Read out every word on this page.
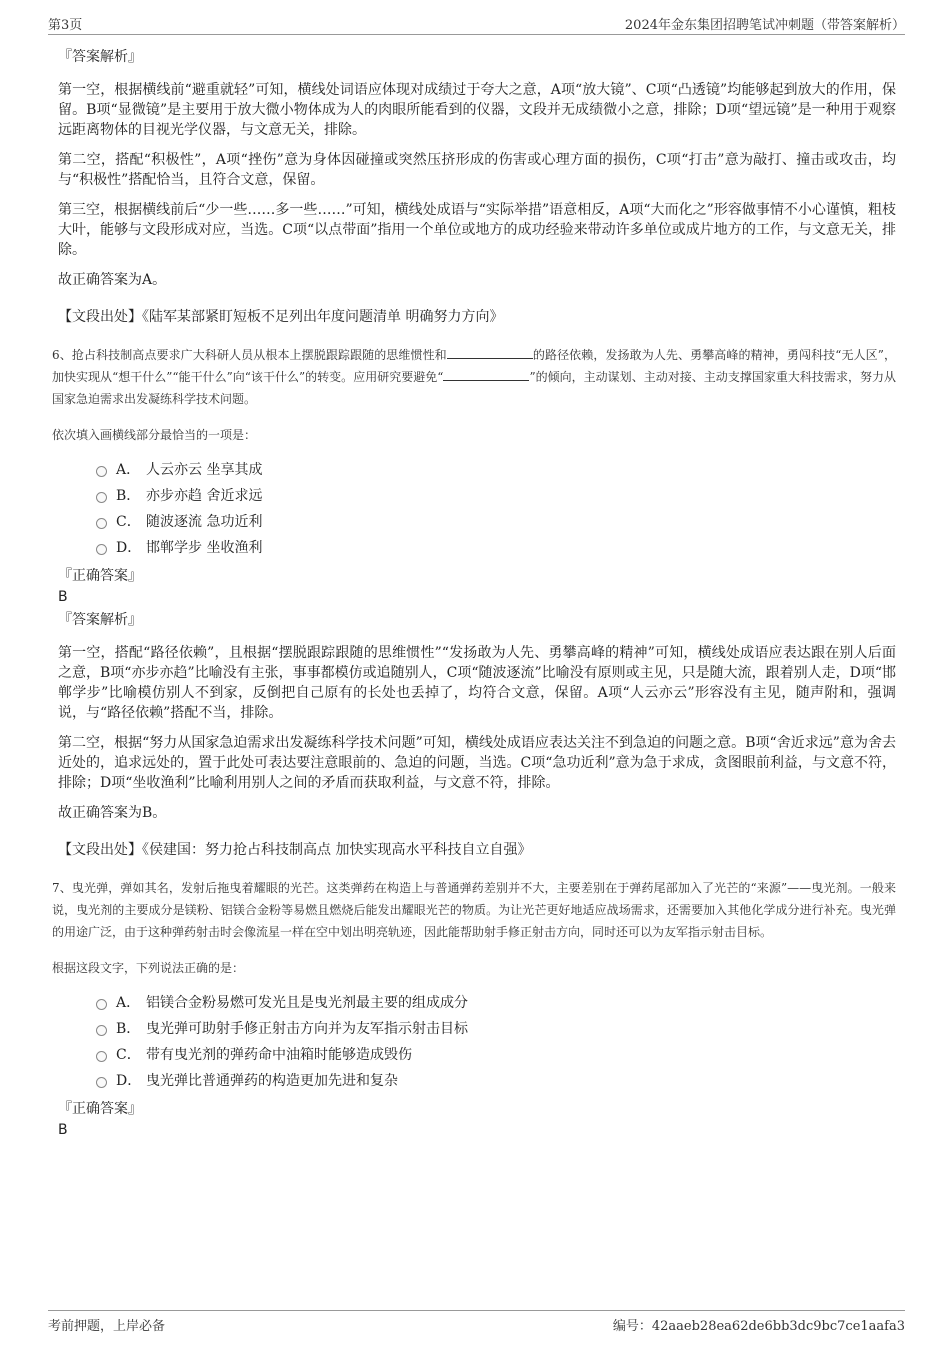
第3页	2024年金东集团招聘笔试冲刺题（带答案解析）
『答案解析』
第一空，根据横线前“避重就轻”可知，横线处词语应体现对成绩过于夸大之意，A项“放大镜”、C项“凸透镜”均能够起到放大的作用，保留。B项“显微镜”是主要用于放大微小物体成为人的肉眼所能看到的仪器，文段并无成绩微小之意，排除；D项“望远镜”是一种用于观察远距离物体的目视光学仪器，与文意无关，排除。
第二空，搭配“积极性”，A项“挫伤”意为身体因碰撞或突然压挤形成的伤害或心理方面的损伤，C项“打击”意为敲打、撞击或攻击，均与“积极性”搭配恰当，且符合文意，保留。
第三空，根据横线前后“少一些……多一些……”可知，横线处成语与“实际举措”语意相反，A项“大而化之”形容做事情不小心谨慎，粗枝大叶，能够与文段形成对应，当选。C项“以点带面”指用一个单位或地方的成功经验来带动许多单位或成片地方的工作，与文意无关，排除。
故正确答案为A。
【文段出处】《陆军某部紧盯短板不足列出年度问题清单 明确努力方向》
6、抢占科技制高点要求广大科研人员从根本上摆脱跟踪跟随的思维惯性和	的路径依赖，发扬敢为人先、勇攀高峰的精神，勇闯科技“无人区”，加快实现从“想干什么”“能干什么”向“该干什么”的转变。应用研究要避免“	”的倾向，主动谋划、主动对接、主动支撑国家重大科技需求，努力从国家急迫需求出发凝练科学技术问题。
依次填入画横线部分最恰当的一项是：
A． 人云亦云 坐享其成
B． 亦步亦趋 舍近求远
C． 随波逐流 急功近利
D． 邯郸学步 坐收渔利
『正确答案』
B
『答案解析』
第一空，搭配“路径依赖”，且根据“摆脱跟踪跟随的思维惯性”“发扬敢为人先、勇攀高峰的精神”可知，横线处成语应表达跟在别人后面之意，B项“亦步亦趋”比喻没有主张，事事都模仿或追随别人，C项“随波逐流”比喻没有原则或主见，只是随大流，跟着别人走，D项“邯郸学步”比喻模仿别人不到家，反倒把自己原有的长处也丢掉了，均符合文意，保留。A项“人云亦云”形容没有主见，随声附和，强调说，与“路径依赖”搭配不当，排除。
第二空，根据“努力从国家急迫需求出发凝练科学技术问题”可知，横线处成语应表达关注不到急迫的问题之意。B项“舍近求远”意为舍去近处的，追求远处的，置于此处可表达要注意眼前的、急迫的问题，当选。C项“急功近利”意为急于求成，贪图眼前利益，与文意不符，排除；D项“坐收渔利”比喻利用别人之间的矛盾而获取利益，与文意不符，排除。
故正确答案为B。
【文段出处】《侯建国：努力抢占科技制高点 加快实现高水平科技自立自强》
7、曳光弹，弹如其名，发射后拖曳着耀眼的光芒。这类弹药在构造上与普通弹药差别并不大，主要差别在于弹药尾部加入了光芒的“来源”——曳光剂。一般来说，曳光剂的主要成分是镁粉、铝镁合金粉等易燃且燃烧后能发出耀眼光芒的物质。为让光芒更好地适应战场需求，还需要加入其他化学成分进行补充。曳光弹的用途广泛，由于这种弹药射击时会像流星一样在空中划出明亮轨迹，因此能帮助射手修正射击方向，同时还可以为友军指示射击目标。
根据这段文字，下列说法正确的是：
A． 铝镁合金粉易燃可发光且是曳光剂最主要的组成成分
B． 曳光弹可助射手修正射击方向并为友军指示射击目标
C． 带有曳光剂的弹药命中油箱时能够造成毁伤
D． 曳光弹比普通弹药的构造更加先进和复杂
『正确答案』
B
考前押题，上岸必备	编号：42aaeb28ea62de6bb3dc9bc7ce1aafa3
